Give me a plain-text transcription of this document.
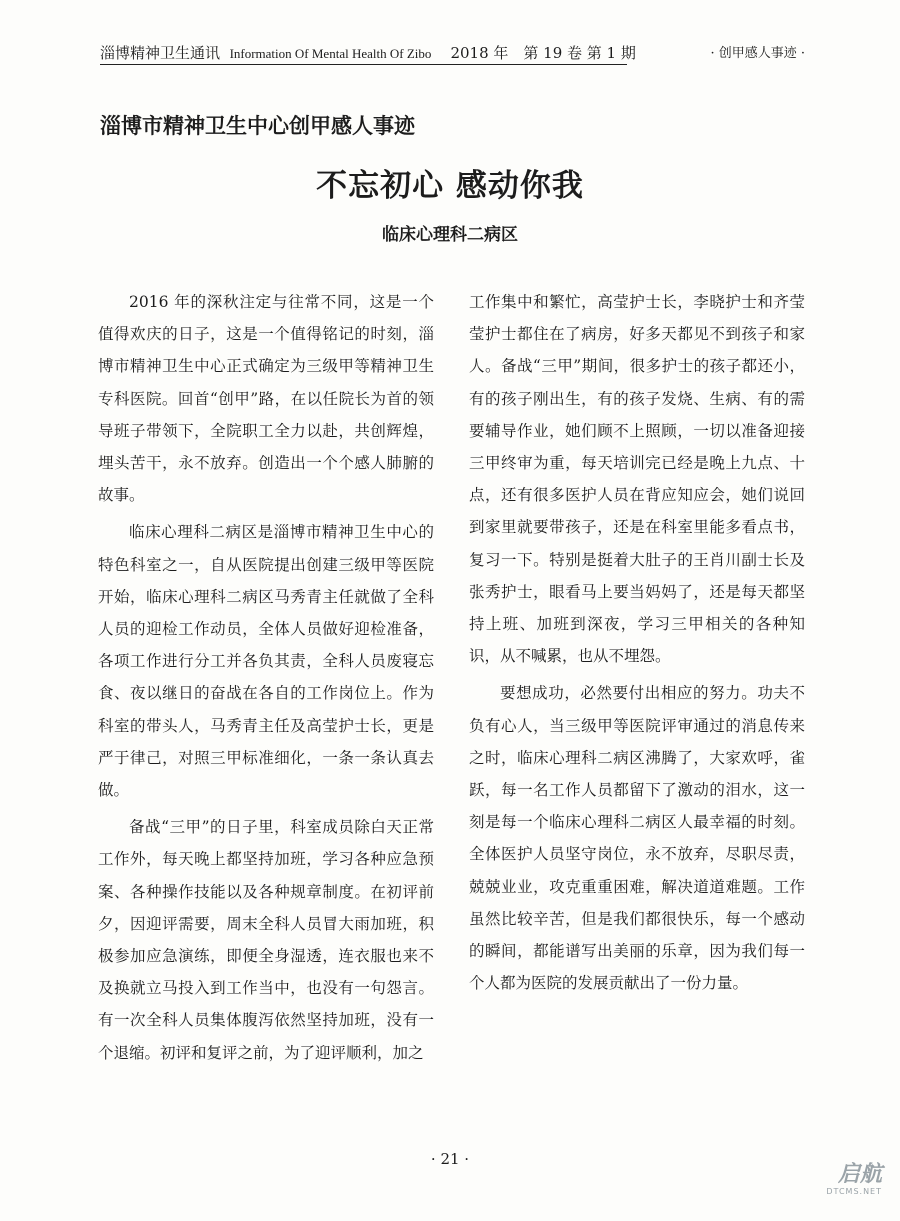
淄博精神卫生通讯 Information Of Mental Health Of Zibo 2018 年　第 19 卷 第 1 期	· 创甲感人事迹 ·
淄博市精神卫生中心创甲感人事迹
不忘初心 感动你我
临床心理科二病区

2016 年的深秋注定与往常不同，这是一个值得欢庆的日子，这是一个值得铭记的时刻，淄博市精神卫生中心正式确定为三级甲等精神卫生专科医院。回首“创甲”路，在以任院长为首的领导班子带领下，全院职工全力以赴，共创辉煌，埋头苦干，永不放弃。创造出一个个感人肺腑的故事。

临床心理科二病区是淄博市精神卫生中心的特色科室之一，自从医院提出创建三级甲等医院开始，临床心理科二病区马秀青主任就做了全科人员的迎检工作动员，全体人员做好迎检准备，各项工作进行分工并各负其责，全科人员废寝忘食、夜以继日的奋战在各自的工作岗位上。作为科室的带头人，马秀青主任及高莹护士长，更是严于律己，对照三甲标准细化，一条一条认真去做。

备战“三甲”的日子里，科室成员除白天正常工作外，每天晚上都坚持加班，学习各种应急预案、各种操作技能以及各种规章制度。在初评前夕，因迎评需要，周末全科人员冒大雨加班，积极参加应急演练，即便全身湿透，连衣服也来不及换就立马投入到工作当中，也没有一句怨言。有一次全科人员集体腹泻依然坚持加班，没有一个退缩。初评和复评之前，为了迎评顺利，加之

工作集中和繁忙，高莹护士长，李晓护士和齐莹莹护士都住在了病房，好多天都见不到孩子和家人。备战“三甲”期间，很多护士的孩子都还小，有的孩子刚出生，有的孩子发烧、生病、有的需要辅导作业，她们顾不上照顾，一切以准备迎接三甲终审为重，每天培训完已经是晚上九点、十点，还有很多医护人员在背应知应会，她们说回到家里就要带孩子，还是在科室里能多看点书，复习一下。特别是挺着大肚子的王肖川副士长及张秀护士，眼看马上要当妈妈了，还是每天都坚持上班、加班到深夜，学习三甲相关的各种知识，从不喊累，也从不埋怨。

要想成功，必然要付出相应的努力。功夫不负有心人，当三级甲等医院评审通过的消息传来之时，临床心理科二病区沸腾了，大家欢呼，雀跃，每一名工作人员都留下了激动的泪水，这一刻是每一个临床心理科二病区人最幸福的时刻。全体医护人员坚守岗位，永不放弃，尽职尽责，兢兢业业，攻克重重困难，解决道道难题。工作虽然比较辛苦，但是我们都很快乐，每一个感动的瞬间，都能谱写出美丽的乐章，因为我们每一个人都为医院的发展贡献出了一份力量。

· 21 ·
启航
DTCMS.NET
